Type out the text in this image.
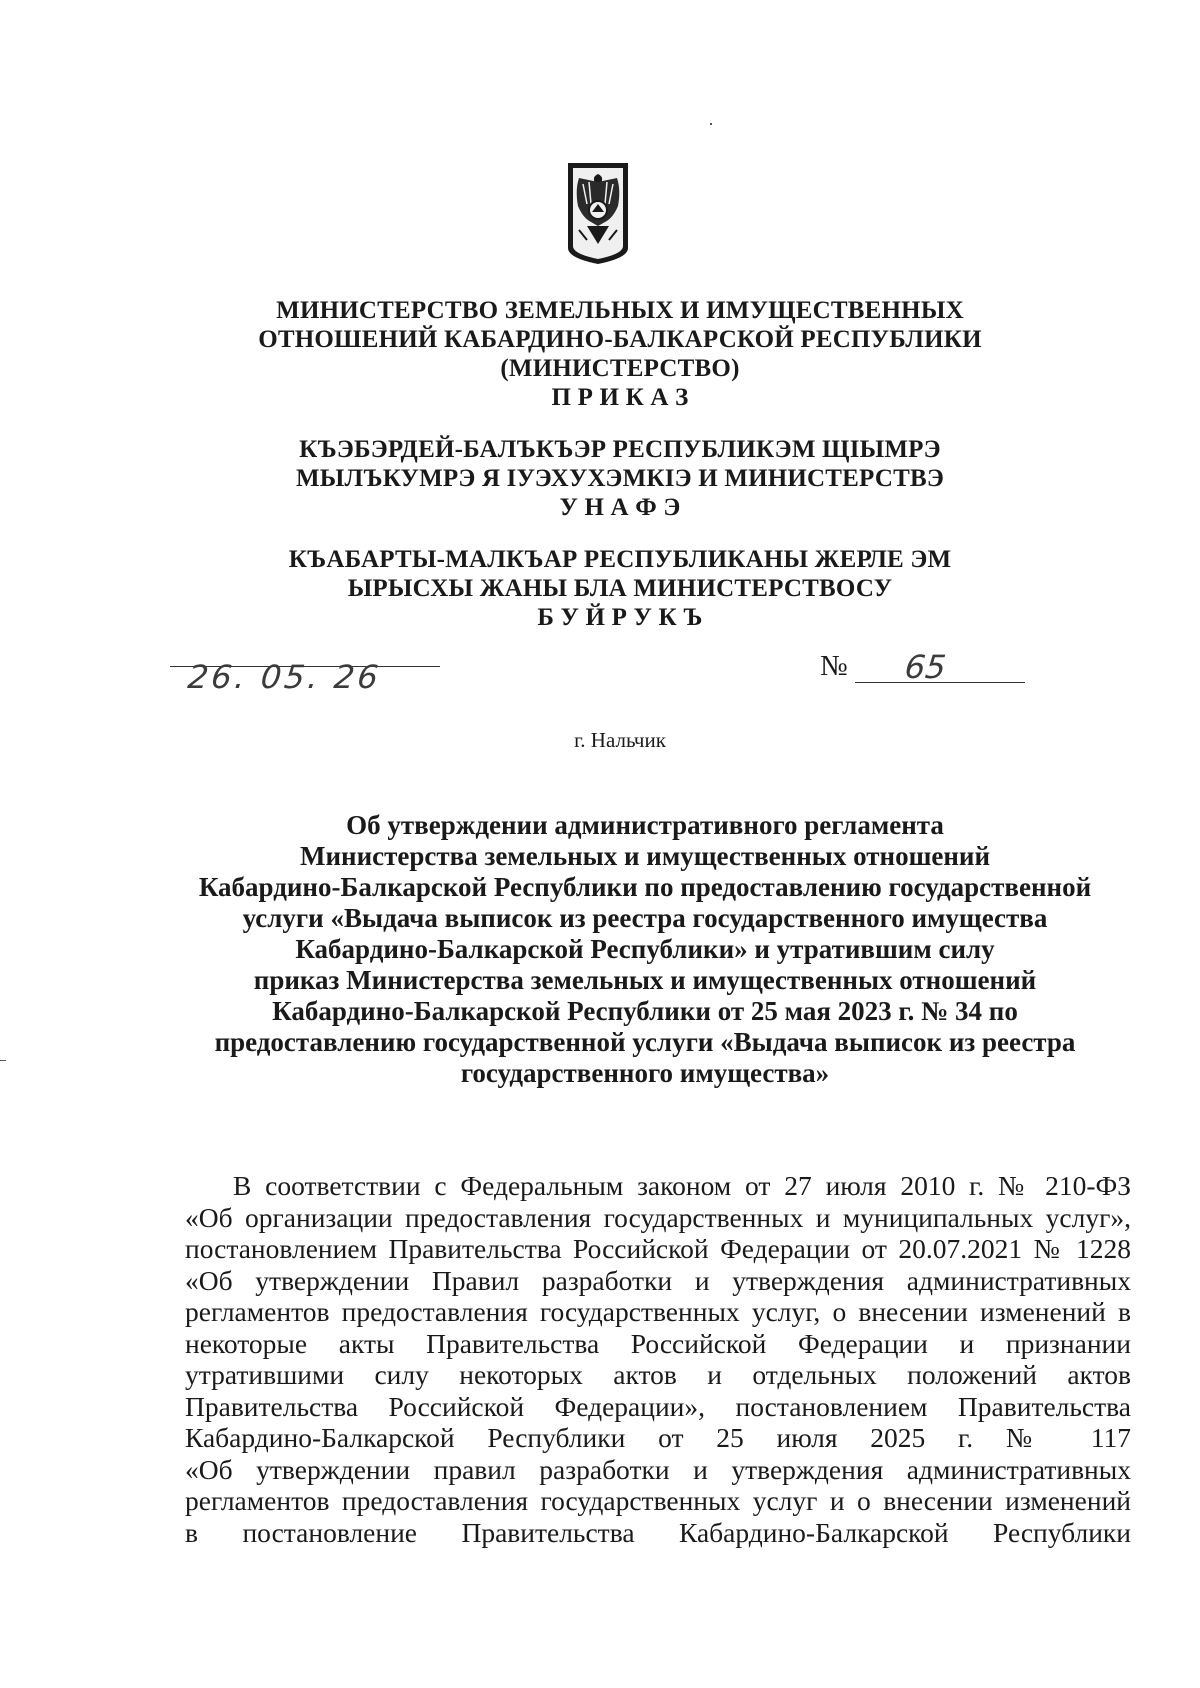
МИНИСТЕРСТВО ЗЕМЕЛЬНЫХ И ИМУЩЕСТВЕННЫХ
ОТНОШЕНИЙ КАБАРДИНО-БАЛКАРСКОЙ РЕСПУБЛИКИ
(МИНИСТЕРСТВО)
П Р И К А З
КЪЭБЭРДЕЙ-БАЛЪКЪЭР РЕСПУБЛИКЭМ ЩIЫМРЭ
МЫЛЪКУМРЭ Я IУЭХУХЭМКIЭ И МИНИСТЕРСТВЭ
У Н А Ф Э
КЪАБАРТЫ-МАЛКЪАР РЕСПУБЛИКАНЫ ЖЕРЛЕ ЭМ
ЫРЫСХЫ ЖАНЫ БЛА МИНИСТЕРСТВОСУ
Б У Й Р У К Ъ
26. 05. 26	№ 65
г. Нальчик
Об утверждении административного регламента
Министерства земельных и имущественных отношений
Кабардино-Балкарской Республики по предоставлению государственной
услуги «Выдача выписок из реестра государственного имущества
Кабардино-Балкарской Республики» и утратившим силу
приказ Министерства земельных и имущественных отношений
Кабардино-Балкарской Республики от 25 мая 2023 г. № 34 по
предоставлению государственной услуги «Выдача выписок из реестра
государственного имущества»
В соответствии с Федеральным законом от 27 июля 2010 г. № 210-ФЗ
«Об организации предоставления государственных и муниципальных услуг»,
постановлением Правительства Российской Федерации от 20.07.2021 № 1228
«Об утверждении Правил разработки и утверждения административных
регламентов предоставления государственных услуг, о внесении изменений в
некоторые акты Правительства Российской Федерации и признании
утратившими силу некоторых актов и отдельных положений актов
Правительства Российской Федерации», постановлением Правительства
Кабардино-Балкарской Республики от 25 июля 2025 г. № 117
«Об утверждении правил разработки и утверждения административных
регламентов предоставления государственных услуг и о внесении изменений
в постановление Правительства Кабардино-Балкарской Республики
